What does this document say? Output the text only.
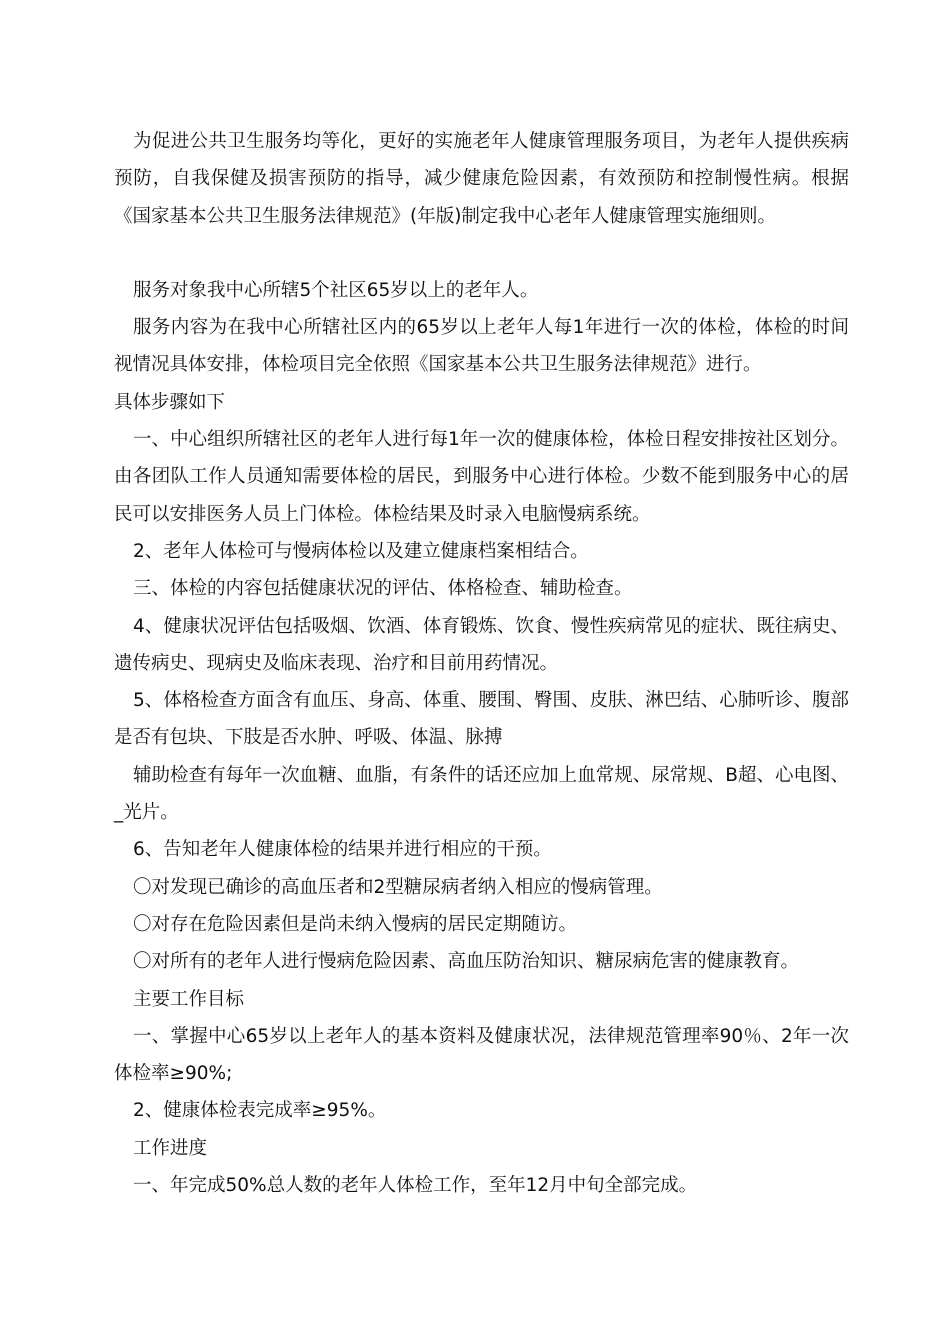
为促进公共卫生服务均等化，更好的实施老年人健康管理服务项目，为老年人提供疾病预防，自我保健及损害预防的指导，减少健康危险因素，有效预防和控制慢性病。根据《国家基本公共卫生服务法律规范》(年版)制定我中心老年人健康管理实施细则。

服务对象我中心所辖5个社区65岁以上的老年人。

服务内容为在我中心所辖社区内的65岁以上老年人每1年进行一次的体检，体检的时间视情况具体安排，体检项目完全依照《国家基本公共卫生服务法律规范》进行。

具体步骤如下

一、中心组织所辖社区的老年人进行每1年一次的健康体检，体检日程安排按社区划分。由各团队工作人员通知需要体检的居民，到服务中心进行体检。少数不能到服务中心的居民可以安排医务人员上门体检。体检结果及时录入电脑慢病系统。

2、老年人体检可与慢病体检以及建立健康档案相结合。

三、体检的内容包括健康状况的评估、体格检查、辅助检查。

4、健康状况评估包括吸烟、饮酒、体育锻炼、饮食、慢性疾病常见的症状、既往病史、遗传病史、现病史及临床表现、治疗和目前用药情况。

5、体格检查方面含有血压、身高、体重、腰围、臀围、皮肤、淋巴结、心肺听诊、腹部是否有包块、下肢是否水肿、呼吸、体温、脉搏

辅助检查有每年一次血糖、血脂，有条件的话还应加上血常规、尿常规、B超、心电图、_光片。

6、告知老年人健康体检的结果并进行相应的干预。

〇对发现已确诊的高血压者和2型糖尿病者纳入相应的慢病管理。

〇对存在危险因素但是尚未纳入慢病的居民定期随访。

〇对所有的老年人进行慢病危险因素、高血压防治知识、糖尿病危害的健康教育。

主要工作目标

一、掌握中心65岁以上老年人的基本资料及健康状况，法律规范管理率90％、2年一次体检率≥90%;

2、健康体检表完成率≥95%。

工作进度

一、年完成50%总人数的老年人体检工作，至年12月中旬全部完成。
